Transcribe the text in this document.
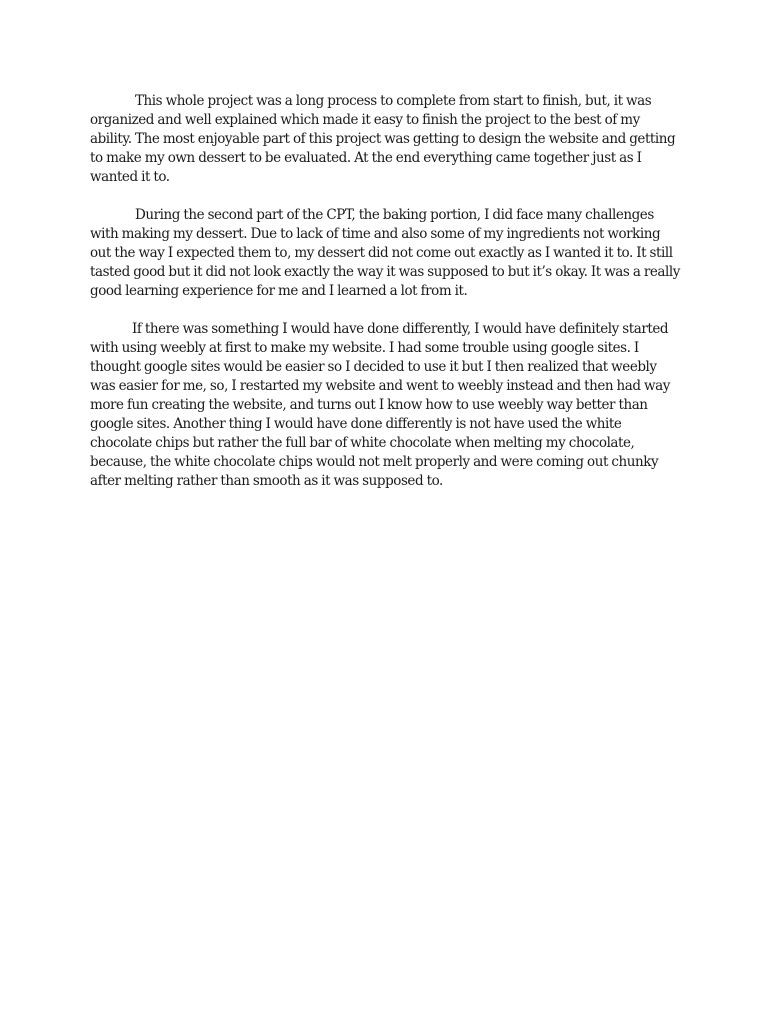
This whole project was a long process to complete from start to finish, but, it was organized and well explained which made it easy to finish the project to the best of my ability. The most enjoyable part of this project was getting to design the website and getting to make my own dessert to be evaluated. At the end everything came together just as I wanted it to.

During the second part of the CPT, the baking portion, I did face many challenges with making my dessert. Due to lack of time and also some of my ingredients not working out the way I expected them to, my dessert did not come out exactly as I wanted it to. It still tasted good but it did not look exactly the way it was supposed to but it’s okay. It was a really good learning experience for me and I learned a lot from it.

If there was something I would have done differently, I would have definitely started with using weebly at first to make my website. I had some trouble using google sites. I thought google sites would be easier so I decided to use it but I then realized that weebly was easier for me, so, I restarted my website and went to weebly instead and then had way more fun creating the website, and turns out I know how to use weebly way better than google sites. Another thing I would have done differently is not have used the white chocolate chips but rather the full bar of white chocolate when melting my chocolate, because, the white chocolate chips would not melt properly and were coming out chunky after melting rather than smooth as it was supposed to.
